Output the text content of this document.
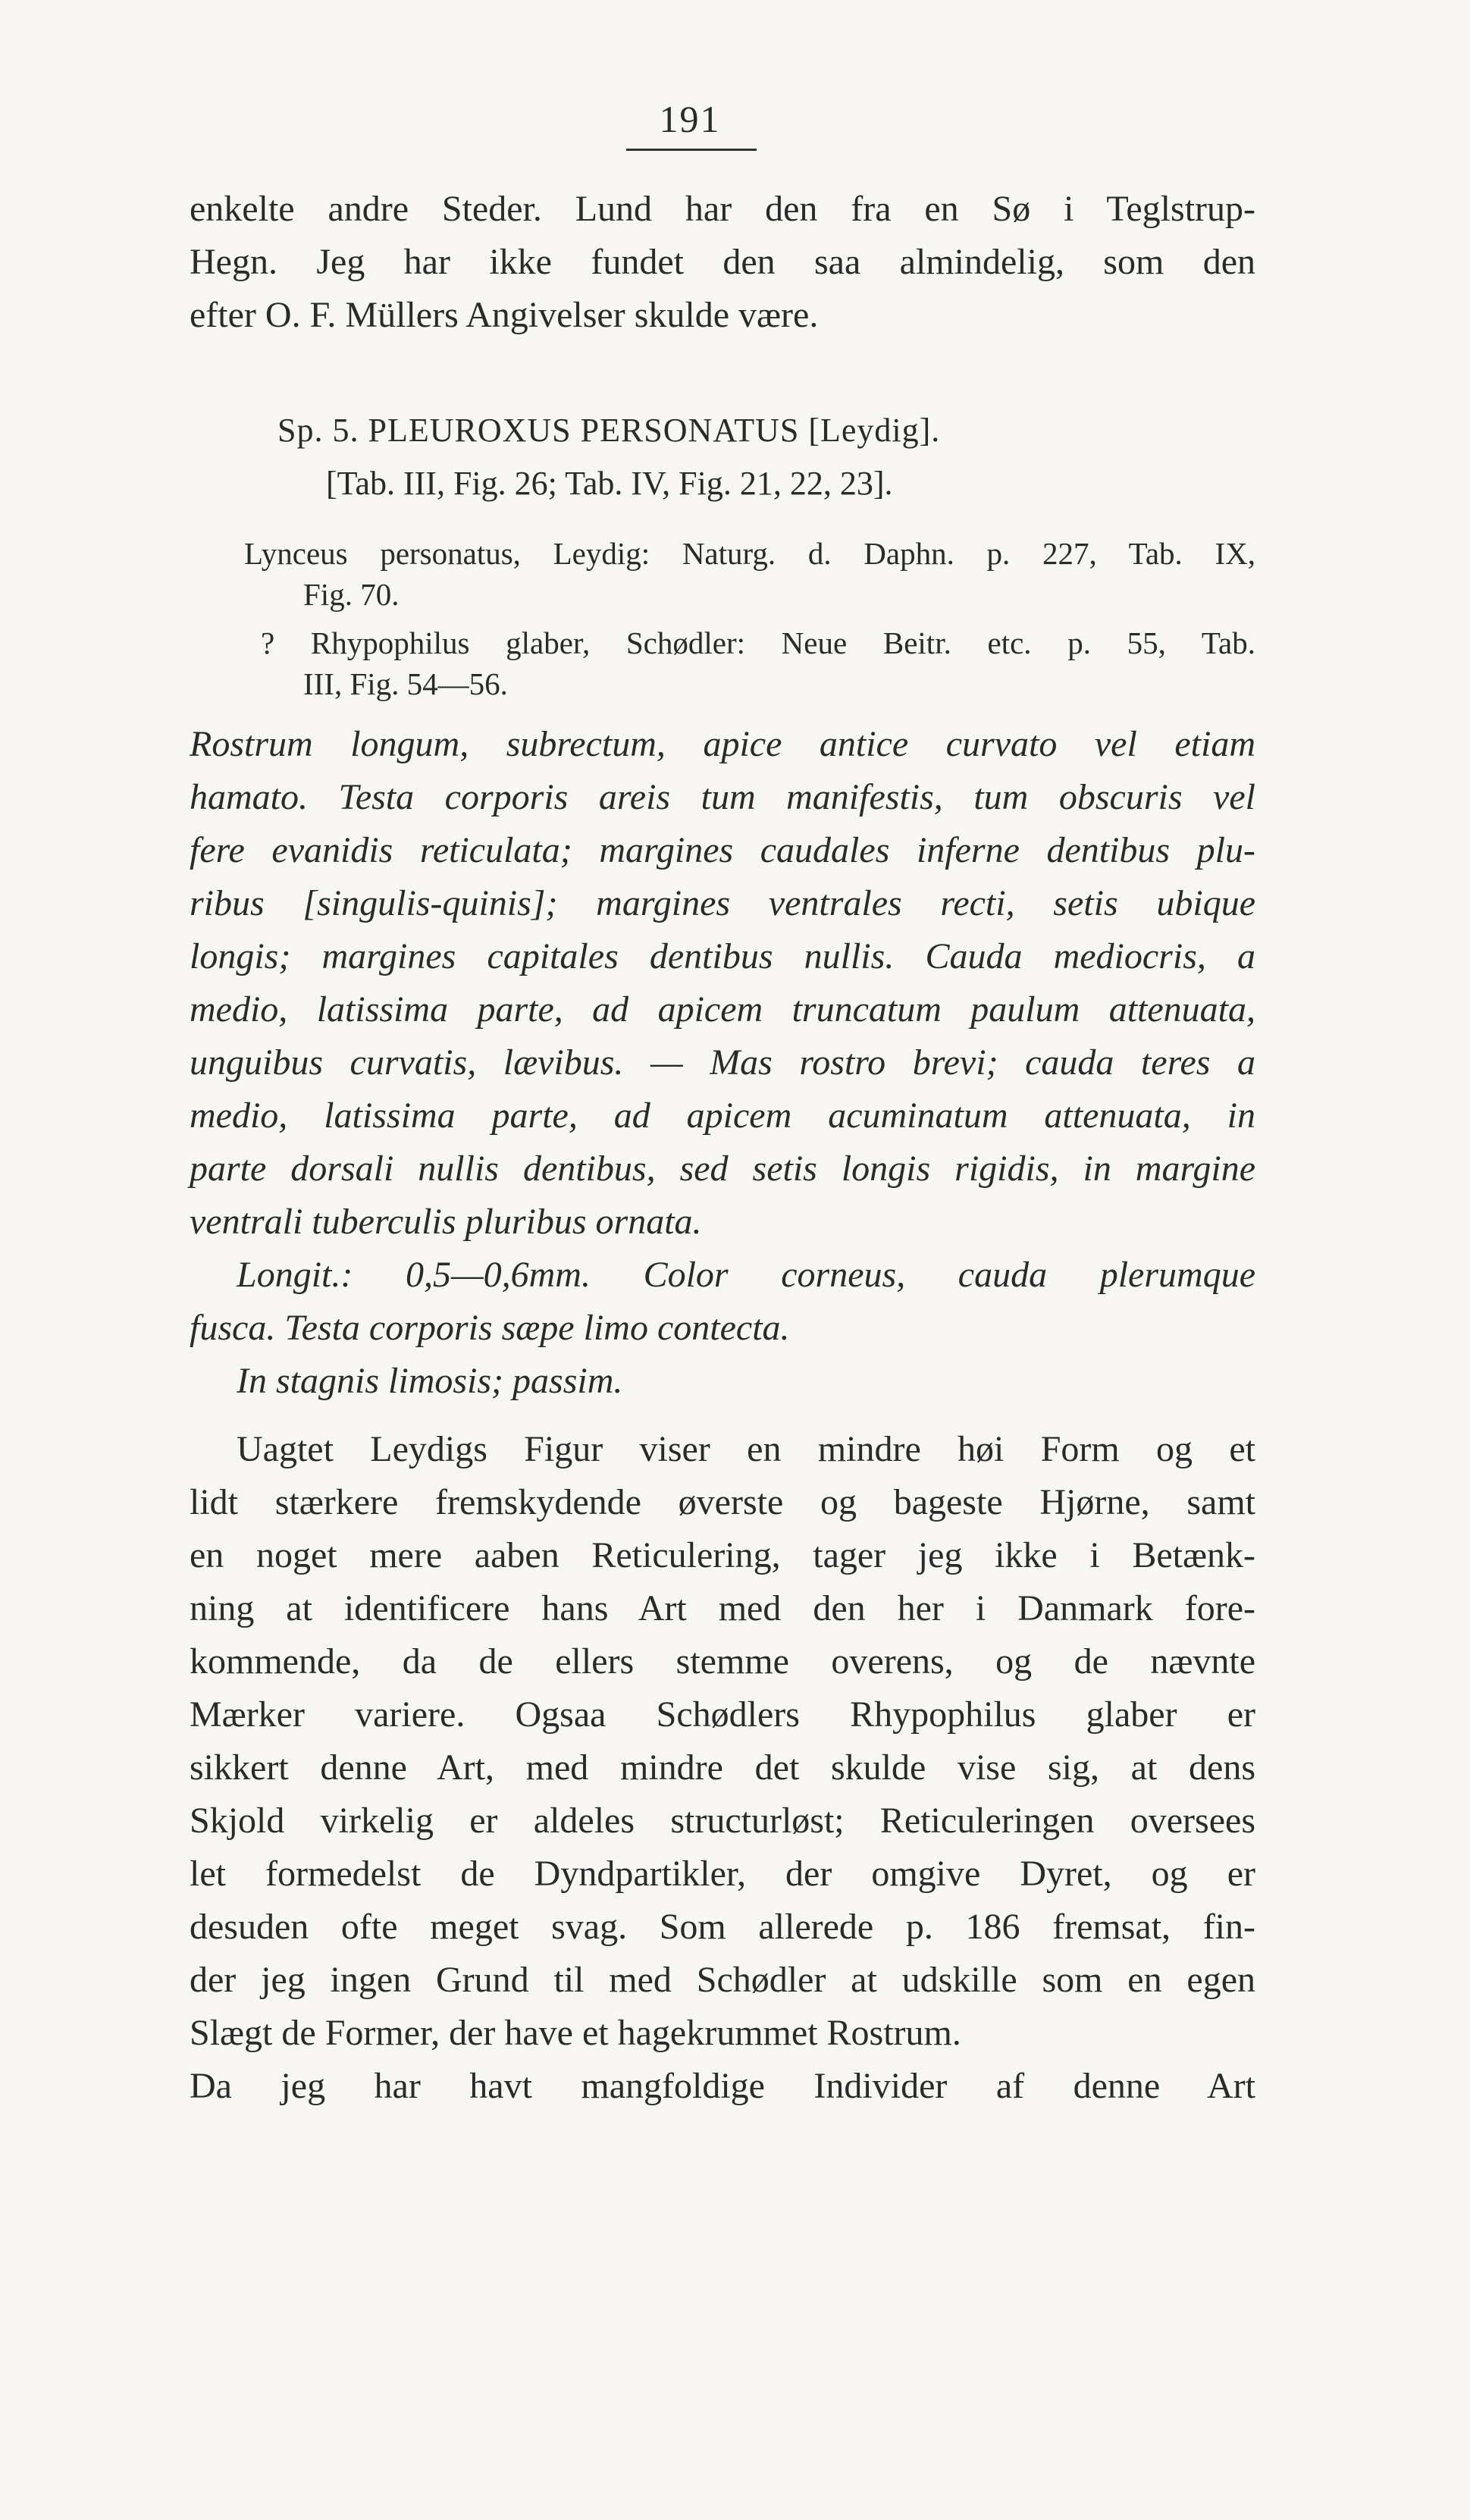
191
enkelte andre Steder. Lund har den fra en Sø i Teglstrup-
Hegn. Jeg har ikke fundet den saa almindelig, som den
efter O. F. Müllers Angivelser skulde være.
Sp. 5. PLEUROXUS PERSONATUS [Leydig].
[Tab. III, Fig. 26; Tab. IV, Fig. 21, 22, 23].
Lynceus personatus, Leydig: Naturg. d. Daphn. p. 227, Tab. IX,
Fig. 70.
? Rhypophilus glaber, Schødler: Neue Beitr. etc. p. 55, Tab.
III, Fig. 54—56.
Rostrum longum, subrectum, apice antice curvato vel etiam
hamato. Testa corporis areis tum manifestis, tum obscuris vel
fere evanidis reticulata; margines caudales inferne dentibus plu-
ribus [singulis-quinis]; margines ventrales recti, setis ubique
longis; margines capitales dentibus nullis. Cauda mediocris, a
medio, latissima parte, ad apicem truncatum paulum attenuata,
unguibus curvatis, lævibus. — Mas rostro brevi; cauda teres a
medio, latissima parte, ad apicem acuminatum attenuata, in
parte dorsali nullis dentibus, sed setis longis rigidis, in margine
ventrali tuberculis pluribus ornata.
Longit.: 0,5—0,6mm. Color corneus, cauda plerumque
fusca. Testa corporis sæpe limo contecta.
In stagnis limosis; passim.
Uagtet Leydigs Figur viser en mindre høi Form og et
lidt stærkere fremskydende øverste og bageste Hjørne, samt
en noget mere aaben Reticulering, tager jeg ikke i Betænk-
ning at identificere hans Art med den her i Danmark fore-
kommende, da de ellers stemme overens, og de nævnte
Mærker variere. Ogsaa Schødlers Rhypophilus glaber er
sikkert denne Art, med mindre det skulde vise sig, at dens
Skjold virkelig er aldeles structurløst; Reticuleringen oversees
let formedelst de Dyndpartikler, der omgive Dyret, og er
desuden ofte meget svag. Som allerede p. 186 fremsat, fin-
der jeg ingen Grund til med Schødler at udskille som en egen
Slægt de Former, der have et hagekrummet Rostrum.
Da jeg har havt mangfoldige Individer af denne Art
